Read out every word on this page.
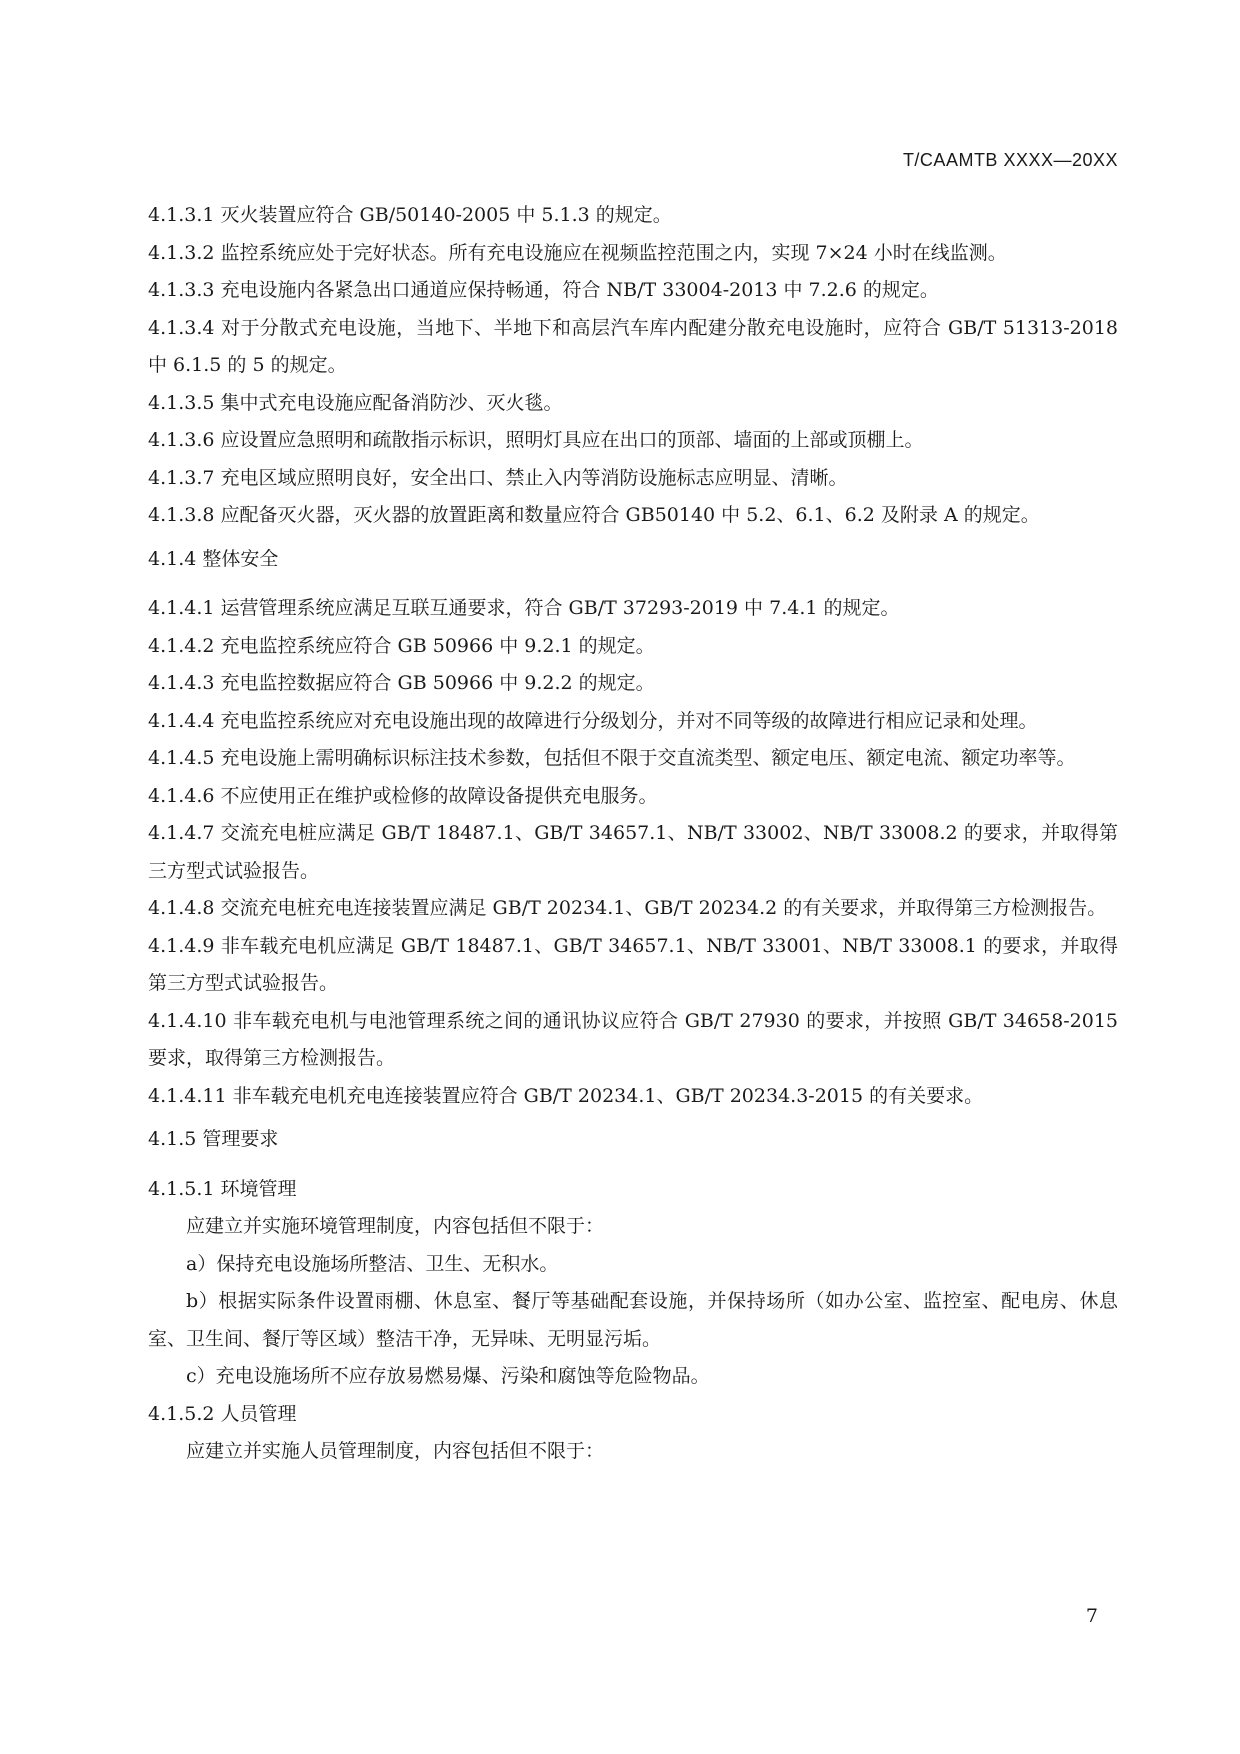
T/CAAMTB XXXX—20XX

4.1.3.1 灭火装置应符合 GB/50140-2005 中 5.1.3 的规定。

4.1.3.2 监控系统应处于完好状态。所有充电设施应在视频监控范围之内，实现 7×24 小时在线监测。

4.1.3.3 充电设施内各紧急出口通道应保持畅通，符合 NB/T 33004-2013 中 7.2.6 的规定。

4.1.3.4 对于分散式充电设施，当地下、半地下和高层汽车库内配建分散充电设施时，应符合 GB/T 51313-2018 中 6.1.5 的 5 的规定。

4.1.3.5 集中式充电设施应配备消防沙、灭火毯。

4.1.3.6 应设置应急照明和疏散指示标识，照明灯具应在出口的顶部、墙面的上部或顶棚上。

4.1.3.7 充电区域应照明良好，安全出口、禁止入内等消防设施标志应明显、清晰。

4.1.3.8 应配备灭火器，灭火器的放置距离和数量应符合 GB50140 中 5.2、6.1、6.2 及附录 A 的规定。

4.1.4 整体安全

4.1.4.1 运营管理系统应满足互联互通要求，符合 GB/T 37293-2019 中 7.4.1 的规定。

4.1.4.2 充电监控系统应符合 GB 50966 中 9.2.1 的规定。

4.1.4.3 充电监控数据应符合 GB 50966 中 9.2.2 的规定。

4.1.4.4 充电监控系统应对充电设施出现的故障进行分级划分，并对不同等级的故障进行相应记录和处理。

4.1.4.5 充电设施上需明确标识标注技术参数，包括但不限于交直流类型、额定电压、额定电流、额定功率等。

4.1.4.6 不应使用正在维护或检修的故障设备提供充电服务。

4.1.4.7 交流充电桩应满足 GB/T 18487.1、GB/T 34657.1、NB/T 33002、NB/T 33008.2 的要求，并取得第三方型式试验报告。

4.1.4.8 交流充电桩充电连接装置应满足 GB/T 20234.1、GB/T 20234.2 的有关要求，并取得第三方检测报告。

4.1.4.9 非车载充电机应满足 GB/T 18487.1、GB/T 34657.1、NB/T 33001、NB/T 33008.1 的要求，并取得第三方型式试验报告。

4.1.4.10 非车载充电机与电池管理系统之间的通讯协议应符合 GB/T 27930 的要求，并按照 GB/T 34658-2015 要求，取得第三方检测报告。

4.1.4.11 非车载充电机充电连接装置应符合 GB/T 20234.1、GB/T 20234.3-2015 的有关要求。

4.1.5 管理要求

4.1.5.1 环境管理

应建立并实施环境管理制度，内容包括但不限于：

a）保持充电设施场所整洁、卫生、无积水。

b）根据实际条件设置雨棚、休息室、餐厅等基础配套设施，并保持场所（如办公室、监控室、配电房、休息室、卫生间、餐厅等区域）整洁干净，无异味、无明显污垢。

c）充电设施场所不应存放易燃易爆、污染和腐蚀等危险物品。

4.1.5.2 人员管理

应建立并实施人员管理制度，内容包括但不限于：

7
